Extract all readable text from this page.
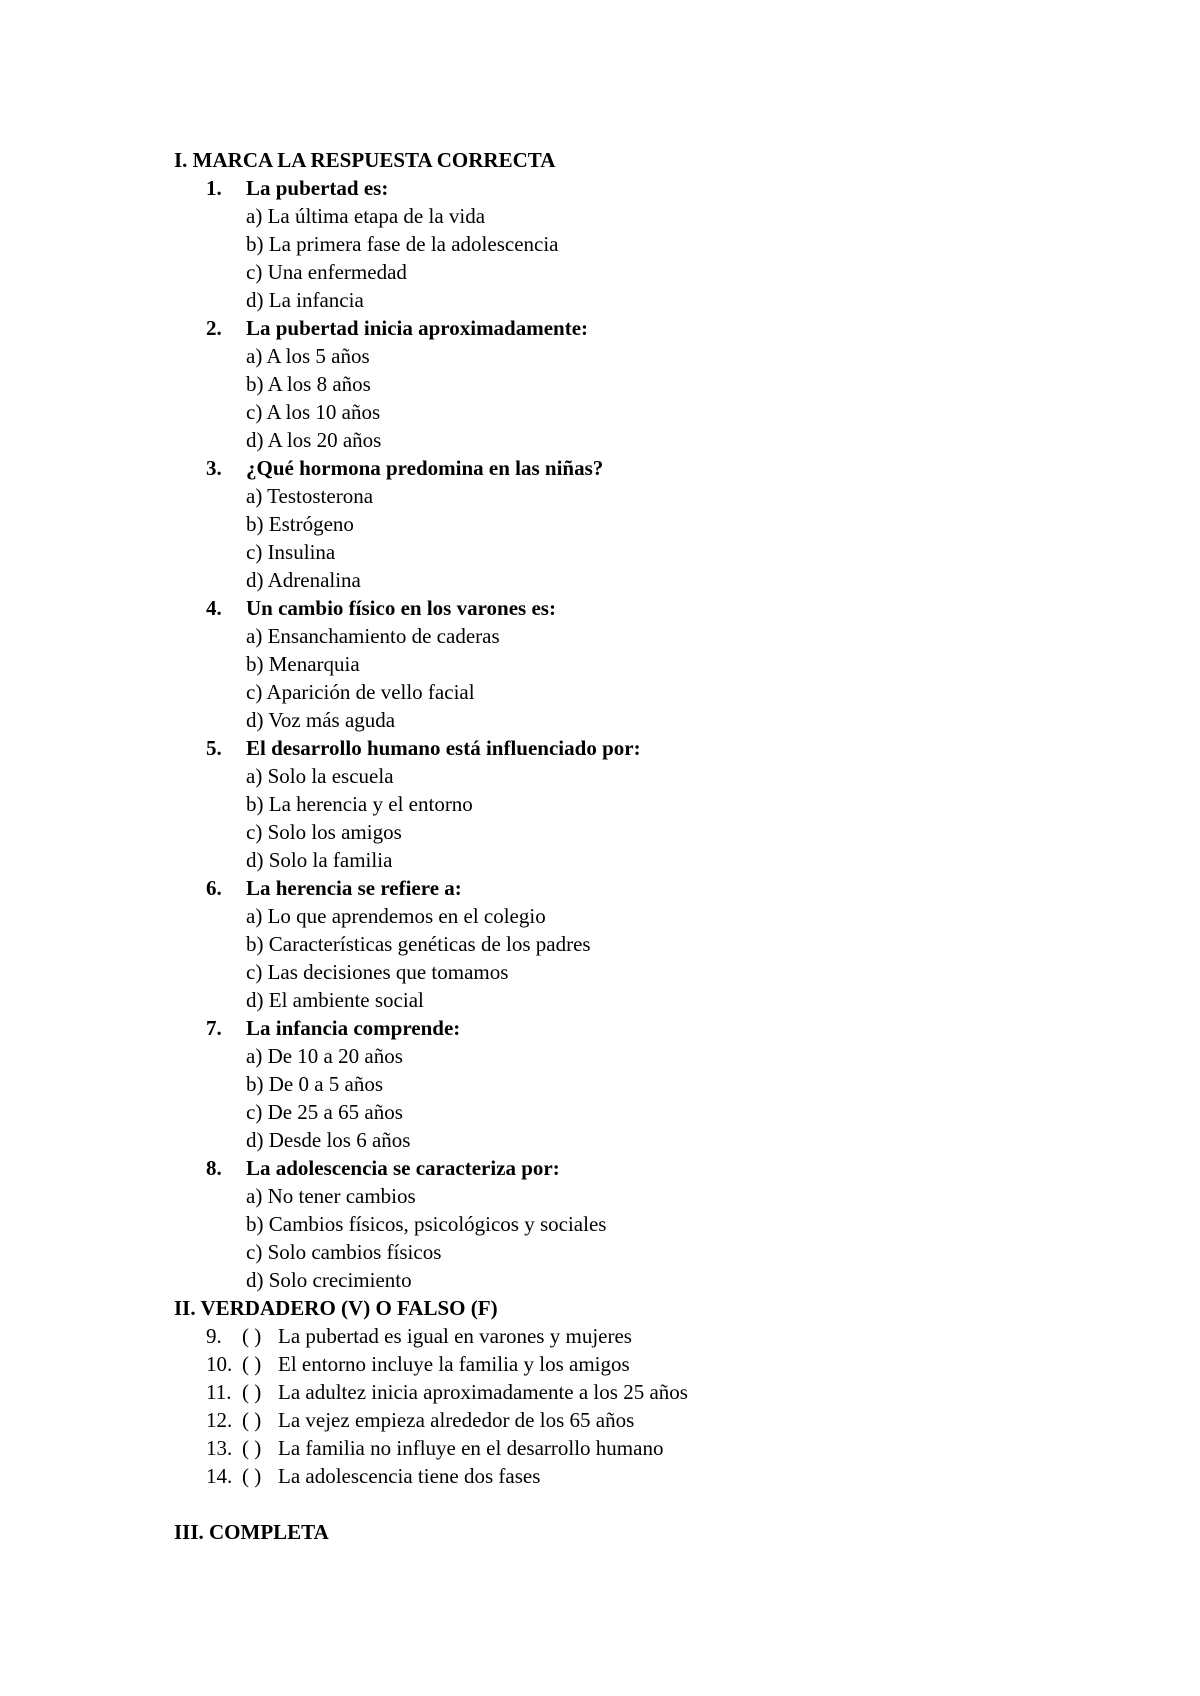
I. MARCA LA RESPUESTA CORRECTA
1. La pubertad es:
a) La última etapa de la vida
b) La primera fase de la adolescencia
c) Una enfermedad
d) La infancia
2. La pubertad inicia aproximadamente:
a) A los 5 años
b) A los 8 años
c) A los 10 años
d) A los 20 años
3. ¿Qué hormona predomina en las niñas?
a) Testosterona
b) Estrógeno
c) Insulina
d) Adrenalina
4. Un cambio físico en los varones es:
a) Ensanchamiento de caderas
b) Menarquia
c) Aparición de vello facial
d) Voz más aguda
5. El desarrollo humano está influenciado por:
a) Solo la escuela
b) La herencia y el entorno
c) Solo los amigos
d) Solo la familia
6. La herencia se refiere a:
a) Lo que aprendemos en el colegio
b) Características genéticas de los padres
c) Las decisiones que tomamos
d) El ambiente social
7. La infancia comprende:
a) De 10 a 20 años
b) De 0 a 5 años
c) De 25 a 65 años
d) Desde los 6 años
8. La adolescencia se caracteriza por:
a) No tener cambios
b) Cambios físicos, psicológicos y sociales
c) Solo cambios físicos
d) Solo crecimiento
II. VERDADERO (V) O FALSO (F)
9. ( ) La pubertad es igual en varones y mujeres
10. ( ) El entorno incluye la familia y los amigos
11. ( ) La adultez inicia aproximadamente a los 25 años
12. ( ) La vejez empieza alrededor de los 65 años
13. ( ) La familia no influye en el desarrollo humano
14. ( ) La adolescencia tiene dos fases
III. COMPLETA
